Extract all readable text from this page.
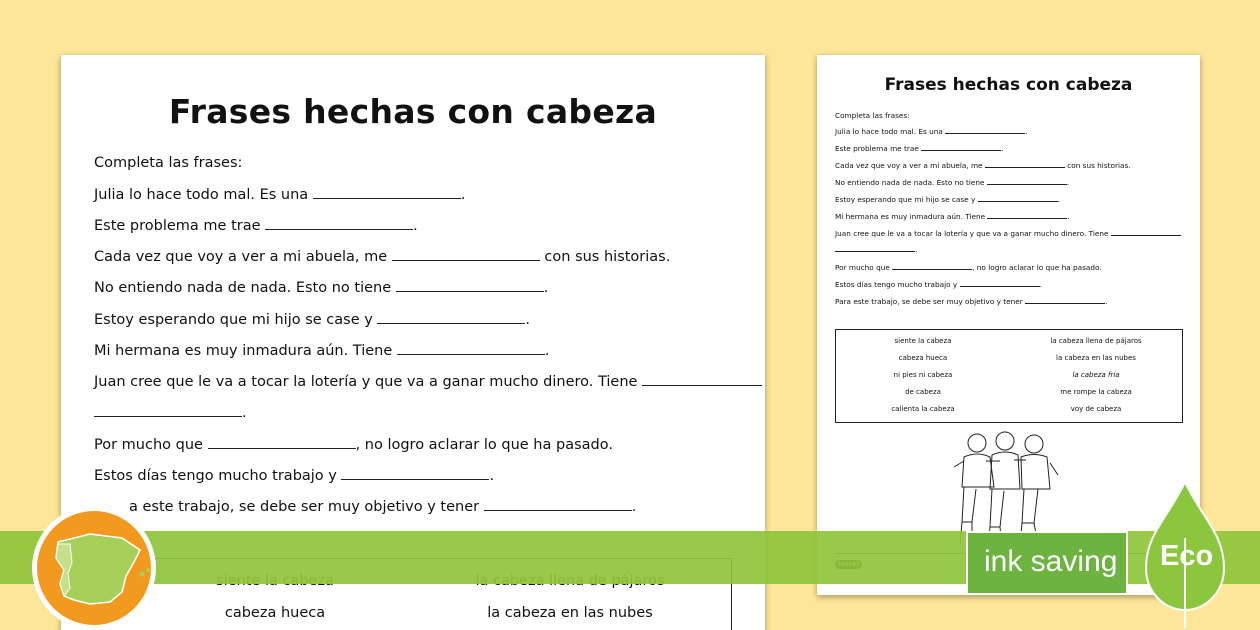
Frases hechas con cabeza
Completa las frases:
Julia lo hace todo mal. Es una	.
Este problema me trae	.
Cada vez que voy a ver a mi abuela, me	con sus historias.
No entiendo nada de nada. Esto no tiene	.
Estoy esperando que mi hijo se case y	.
Mi hermana es muy inmadura aún. Tiene	.
Juan cree que le va a tocar la lotería y que va a ganar mucho dinero. Tiene
.
Por mucho que	, no logro aclarar lo que ha pasado.
Estos días tengo mucho trabajo y	.
a este trabajo, se debe ser muy objetivo y tener	.
cabeza hueca	la cabeza en las nubes
Frases hechas con cabeza
Completa las frases:
Julia lo hace todo mal. Es una	.
Este problema me trae	.
Cada vez que voy a ver a mi abuela, me	con sus historias.
No entiendo nada de nada. Esto no tiene	.
Estoy esperando que mi hijo se case y	.
Mi hermana es muy inmadura aún. Tiene	.
Juan cree que le va a tocar la lotería y que va a ganar mucho dinero. Tiene
.
Por mucho que	, no logro aclarar lo que ha pasado.
Estos días tengo mucho trabajo y	.
Para este trabajo, se debe ser muy objetivo y tener	.
siente la cabeza	la cabeza llena de pájaros
cabeza hueca	la cabeza en las nubes
ni pies ni cabeza	la cabeza fría
de cabeza	me rompe la cabeza
calienta la cabeza	voy de cabeza
ink saving	Eco
